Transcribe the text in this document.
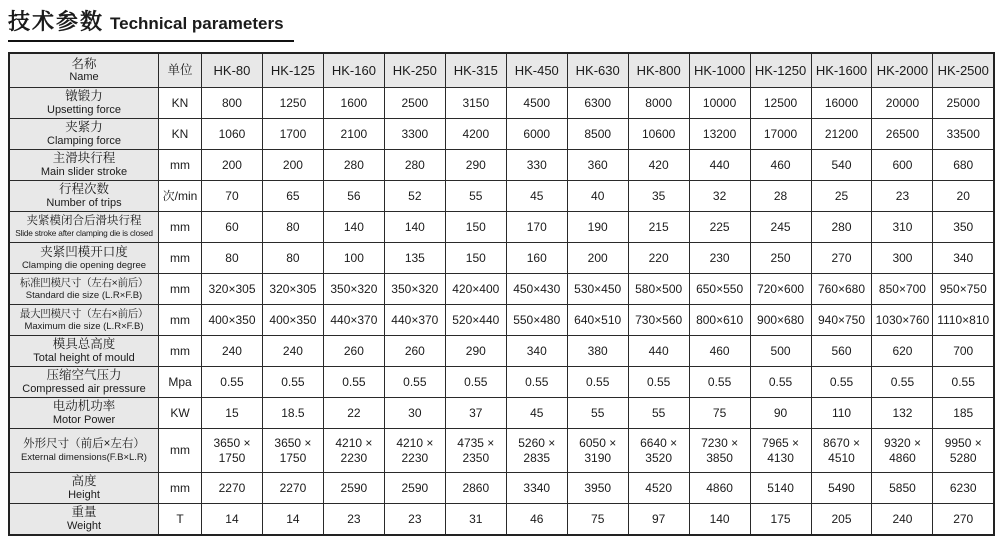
技术参数 Technical parameters
名称
Name	单位	HK-80	HK-125	HK-160	HK-250	HK-315	HK-450	HK-630	HK-800	HK-1000	HK-1250	HK-1600	HK-2000	HK-2500

镦锻力
Upsetting force	KN	800	1250	1600	2500	3150	4500	6300	8000	10000	12500	16000	20000	25000

夹紧力
Clamping force	KN	1060	1700	2100	3300	4200	6000	8500	10600	13200	17000	21200	26500	33500

主滑块行程
Main slider stroke	mm	200	200	280	280	290	330	360	420	440	460	540	600	680

行程次数
Number of trips	次/min	70	65	56	52	55	45	40	35	32	28	25	23	20

夹紧模闭合后滑块行程
Slide stroke after clamping die is closed	mm	60	80	140	140	150	170	190	215	225	245	280	310	350

夹紧凹模开口度
Clamping die opening degree	mm	80	80	100	135	150	160	200	220	230	250	270	300	340

标准凹模尺寸（左右×前后）
Standard die size (L.R×F.B)	mm	320×305	320×305	350×320	350×320	420×400	450×430	530×450	580×500	650×550	720×600	760×680	850×700	950×750

最大凹模尺寸（左右×前后）
Maximum die size (L.R×F.B)	mm	400×350	400×350	440×370	440×370	520×440	550×480	640×510	730×560	800×610	900×680	940×750	1030×760	1110×810

模具总高度
Total height of mould	mm	240	240	260	260	290	340	380	440	460	500	560	620	700

压缩空气压力
Compressed air pressure	Mpa	0.55	0.55	0.55	0.55	0.55	0.55	0.55	0.55	0.55	0.55	0.55	0.55	0.55

电动机功率
Motor Power	KW	15	18.5	22	30	37	45	55	55	75	90	110	132	185

外形尺寸（前后×左右）
External dimensions(F.B×L.R)	mm	3650 × 1750	3650 × 1750	4210 × 2230	4210 × 2230	4735 × 2350	5260 × 2835	6050 × 3190	6640 × 3520	7230 × 3850	7965 × 4130	8670 × 4510	9320 × 4860	9950 × 5280

高度
Height	mm	2270	2270	2590	2590	2860	3340	3950	4520	4860	5140	5490	5850	6230

重量
Weight	T	14	14	23	23	31	46	75	97	140	175	205	240	270
